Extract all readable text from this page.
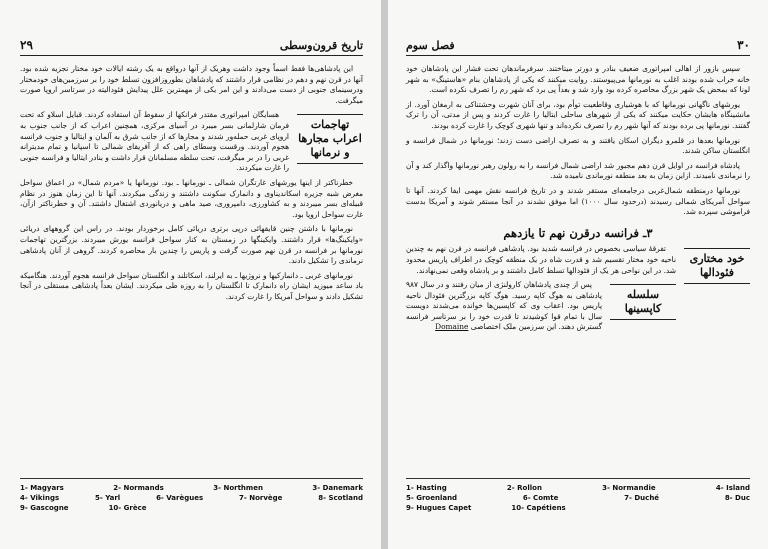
۲۹	تاریخ قرون‌وسطی

این پادشاهی‌ها فقط اسماً وجود داشت وهریک از آنها درواقع به یک رشته ایالات خود مختار تجزیه شده بود. آنها در قرن نهم و دهم در نظامی قرار داشتند که پادشاهان بطوروزافزون تسلط خود را بر سرزمین‌های خودمختار ودرسینمای جنوبی از دست می‌دادند و این امر یکی از مهمترین علل پیدایش فئودالیته در سرتاسر اروپا صورت میگرفت.

تهاجمات اعراب مجارها و نرمانها

هسایگان امپراتوری مقتدر فرانکها از سقوط آن استفاده کردند. قبایل اسلاو که تحت فرمان شارلمانی بسر میبرد در آسیای مرکزی، همچنین اعراب که از جانب جنوب به اروپای غربی حمله‌ور شدند و مجارها که از جانب شرق به آلمان و ایتالیا و جنوب فرانسه هجوم آوردند. ورقست وسطای راهی که از آفریقای شمالی تا اسپانیا و تمام مدیترانه غربی را در بر میگرفت، تحت سلطه مسلمانان قرار داشت و بنادر ایتالیا و فرانسه جنوبی را غارت میکردند.

خطرناکتر از اینها یورشهای غارتگران شمالی ـ نورمانها ـ بود. نورمانها یا «مردم شمال» در اعماق سواحل مغرض شبه جزیره اسکاندیناوی و دانمارک سکونت داشتند و زندگی میکردند. آنها تا این زمان هنوز در نظام قبیله‌ای بسر میبردند و به کشاورزی، دامپروری، صید ماهی و دریانوردی اشتغال داشتند. آن و خطرناکتر ازآن، غارت سواحل اروپا بود.

نورمانها با داشتن چنین قایقهائی درپی برتری دریائی کامل برخوردار بودند. در راس این گروههای دریائی «وایکینگ‌ها» قرار داشتند. وایکینگها در زمستان به کنار سواحل فرانسه یورش میبردند. بزرگترین تهاجمات نورمانها بر فرانسه در قرن نهم صورت گرفت و پاریس را چندین بار محاصره کردند. گروهی از آنان پادشاهی نرماندی را تشکیل دادند.

نورمانهای غربی ـ دانمارکیها و نروژیها ـ به ایرلند، اسکاتلند و انگلستان سواحل فرانسه هجوم آوردند. هنگامیکه باد ساعد میوزید ایشان راه دانمارک تا انگلستان را به روزه طی میکردند. ایشان بعداً پادشاهی مستقلی در آنجا تشکیل دادند و سواحل آمریکا را غارت کردند.

1- Magyars	2- Normands	3- Northmen	3- Danemark
4- Vikings	5- Yarl	6- Varègues	7- Norvège	8- Scotland
9- Gascogne	10- Grèce
فصل سوم	۳۰

سپس بازور از اهالی امپراتوری ضعیف بنادر و دورتر میتاختند. سرفرماندهان تحت فشار این پادشاهان خود خانه خراب شده بودند اغلب به نورمانها می‌پیوستند. روایت میکنند که یکی از پادشاهان بنام «هاستینگ» به شهر لونا که بمحض یک شهر بزرگ محاصره کرده بود وارد شد و بعداً پی برد که شهر رم را تصرف نکرده است.

یورشهای ناگهانی نورمانها که با هوشیاری وقاطعیت توأم بود، برای آنان شهرت وحشتناکی به ارمغان آورد. از مانشینگاه هایشان حکایت میکنند که یکی از شهرهای ساحلی ایتالیا را غارت کردند و پس از مدتی، آن را ترک گفتند. نورمانها پی برده بودند که آنها شهر رم را تصرف نکرده‌اند و تنها شهری کوچک را غارت کرده بودند.

نورمانها بعدها در قلمرو دیگران اسکان یافتند و به تصرف اراضی دست زدند؛ نورمانها در شمال فرانسه و انگلستان ساکن شدند.

پادشاه فرانسه در اوایل قرن دهم مجبور شد اراضی شمال فرانسه را به رولون رهبر نورمانها واگذار کند و آن را نرماندی نامیدند. ازاین زمان به بعد منطقه نورماندی نامیده شد.

نورمانها درمنطقه شمال‌غربی درجامعه‌ای مستقر شدند و در تاریخ فرانسه نقش مهمی ایفا کردند. آنها تا سواحل آمریکای شمالی رسیدند (درحدود سال ۱۰۰۰) اما موفق نشدند در آنجا مستقر شوند و آمریکا بدست فراموشی سپرده شد.

۳ـ فرانسه درقرن نهم تا یازدهم
خود مختاری فئودالها

تفرقهٔ سیاسی بخصوص در فرانسه شدید بود. پادشاهی فرانسه در قرن نهم به چندین ناحیه خود مختار تقسیم شد و قدرت شاه در یک منطقه کوچک در اطراف پاریس محدود شد. در این نواحی هر یک از فئودالها تسلط کامل داشتند و بر پادشاه وقعی نمی‌نهادند.

سلسله کاپسینها

پس از چندی پادشاهان کارولنژی از میان رفتند و در سال ۹۸۷ پادشاهی به هوگ کاپه رسید. هوگ کاپه بزرگترین فئودال ناحیه پاریس بود. اعقاب وی که کاپسین‌ها خوانده می‌شدند دویست سال با تمام قوا کوشیدند تا قدرت خود را بر سرتاسر فرانسه گسترش دهند. این سرزمین ملک اختصاصی Domaine

1- Hasting	2- Rollon	3- Normandie	4- Island
5- Groenland	6- Comte	7- Duché	8- Duc
9- Hugues Capet	10- Capétiens
